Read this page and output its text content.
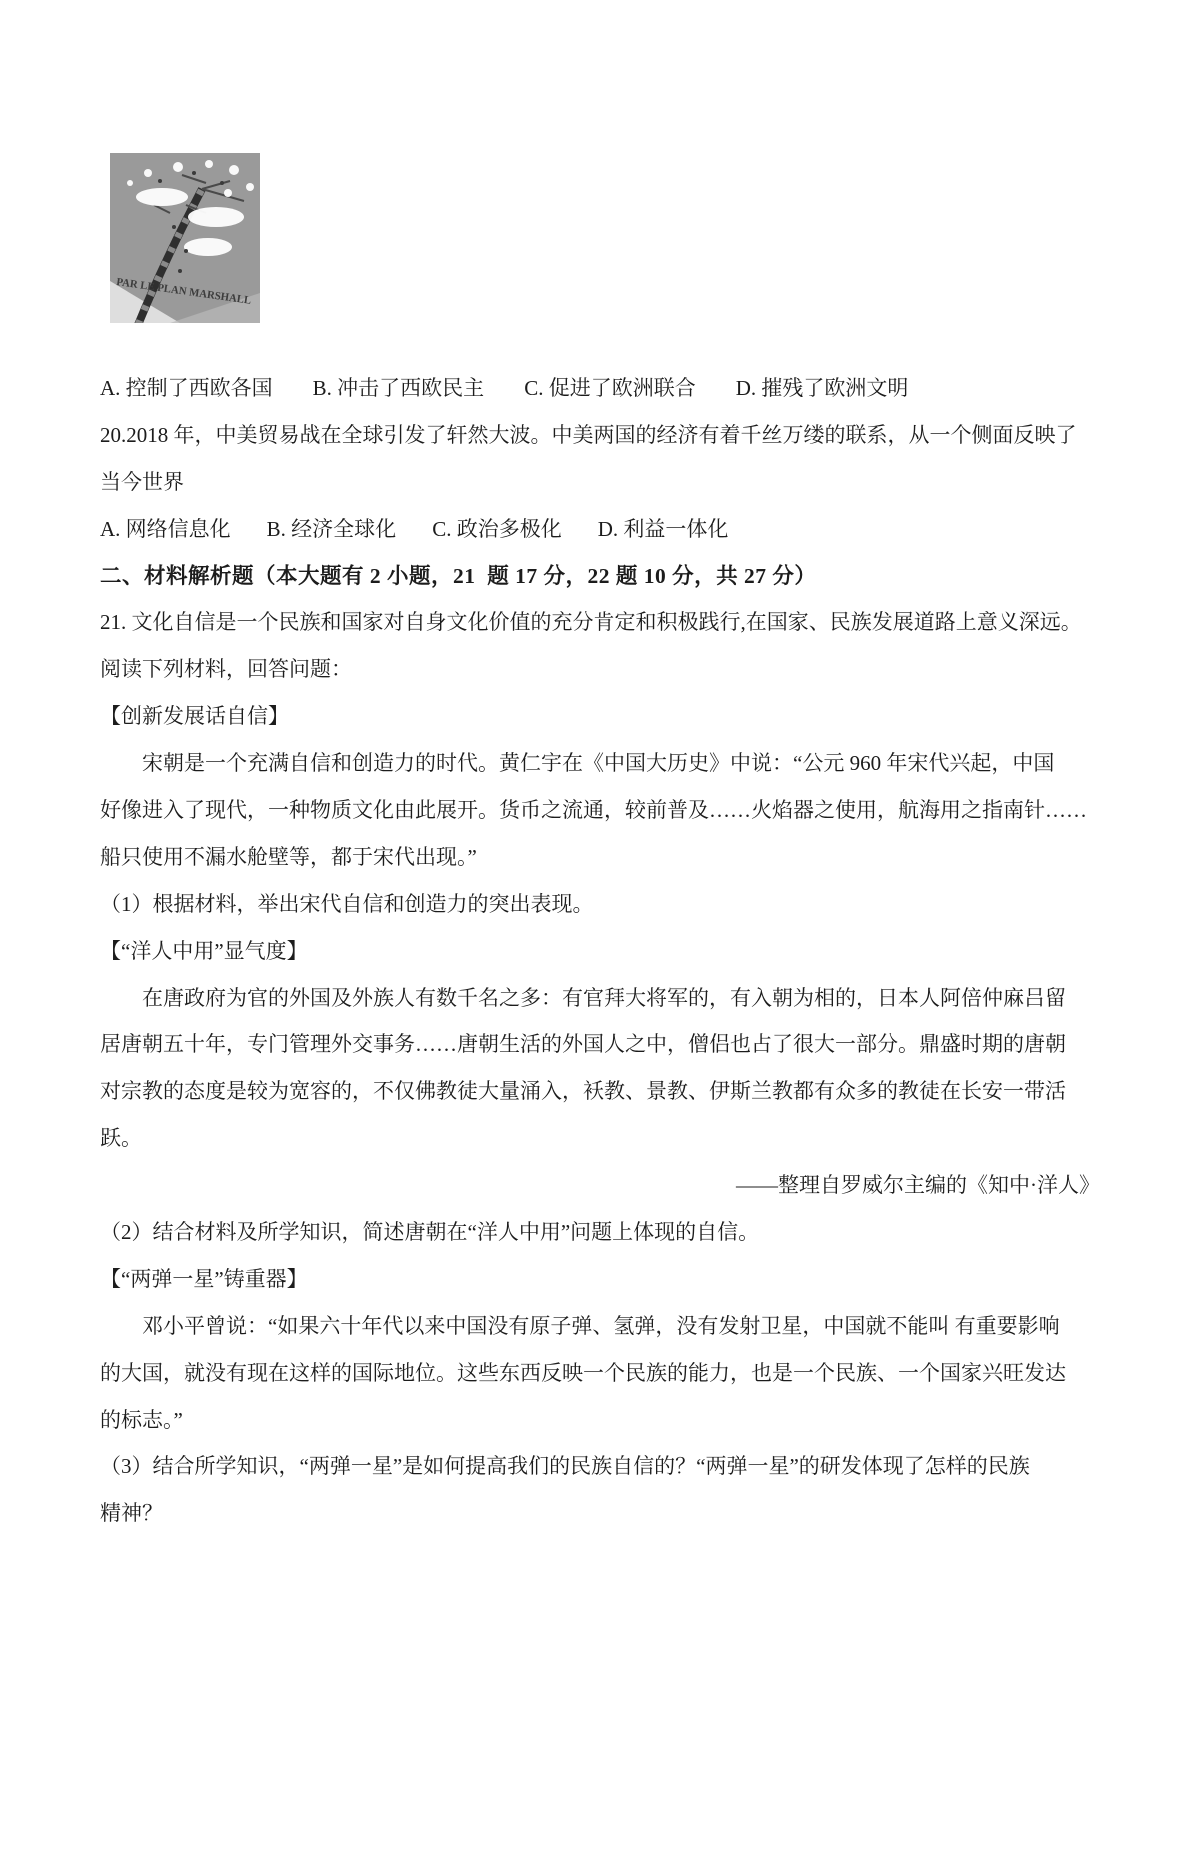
PAR LE PLAN MARSHALL
A. 控制了西欧各国 B. 冲击了西欧民主 C. 促进了欧洲联合 D. 摧残了欧洲文明
20.2018 年，中美贸易战在全球引发了轩然大波。中美两国的经济有着千丝万缕的联系，从一个侧面反映了
当今世界
A. 网络信息化 B. 经济全球化 C. 政治多极化 D. 利益一体化
二、材料解析题（本大题有 2 小题，21  题 17 分，22 题 10 分，共 27 分）
21. 文化自信是一个民族和国家对自身文化价值的充分肯定和积极践行,在国家、民族发展道路上意义深远。
阅读下列材料，回答问题：
【创新发展话自信】
宋朝是一个充满自信和创造力的时代。黄仁宇在《中国大历史》中说：“公元 960 年宋代兴起，中国
好像进入了现代，一种物质文化由此展开。货币之流通，较前普及……火焰器之使用，航海用之指南针……
船只使用不漏水舱壁等，都于宋代出现。”
（1）根据材料，举出宋代自信和创造力的突出表现。
【“洋人中用”显气度】
在唐政府为官的外国及外族人有数千名之多：有官拜大将军的，有入朝为相的，日本人阿倍仲麻吕留
居唐朝五十年，专门管理外交事务……唐朝生活的外国人之中，僧侣也占了很大一部分。鼎盛时期的唐朝
对宗教的态度是较为宽容的，不仅佛教徒大量涌入，袄教、景教、伊斯兰教都有众多的教徒在长安一带活
跃。
——整理自罗威尔主编的《知中·洋人》
（2）结合材料及所学知识，简述唐朝在“洋人中用”问题上体现的自信。
【“两弹一星”铸重器】
邓小平曾说：“如果六十年代以来中国没有原子弹、氢弹，没有发射卫星，中国就不能叫 有重要影响
的大国，就没有现在这样的国际地位。这些东西反映一个民族的能力，也是一个民族、一个国家兴旺发达
的标志。”
（3）结合所学知识，“两弹一星”是如何提高我们的民族自信的？“两弹一星”的研发体现了怎样的民族
精神？
